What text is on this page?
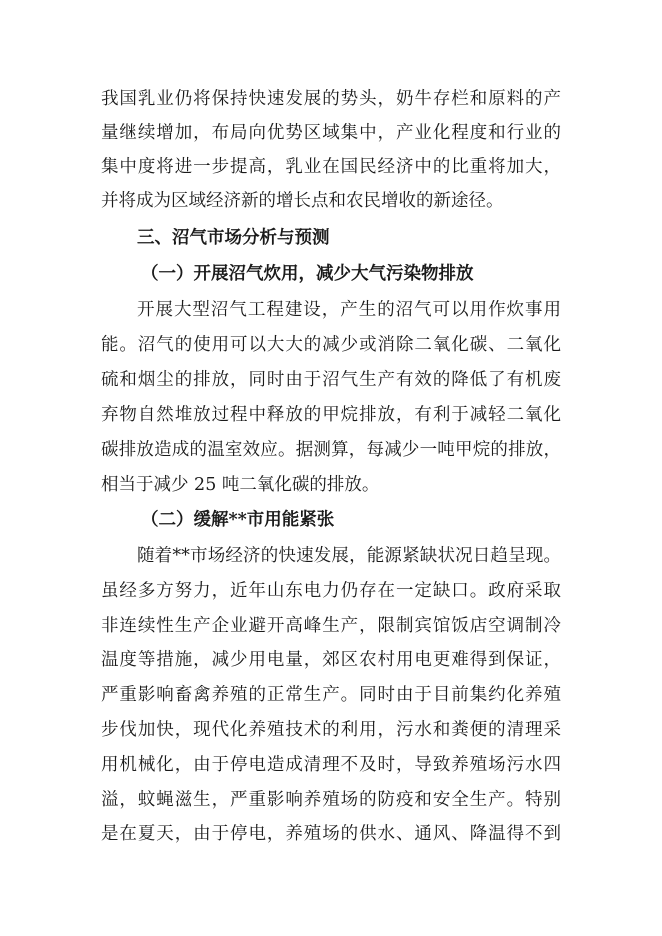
我国乳业仍将保持快速发展的势头，奶牛存栏和原料的产
量继续增加，布局向优势区域集中，产业化程度和行业的
集中度将进一步提高，乳业在国民经济中的比重将加大，
并将成为区域经济新的增长点和农民增收的新途径。
三、沼气市场分析与预测
（一）开展沼气炊用，减少大气污染物排放
开展大型沼气工程建设，产生的沼气可以用作炊事用
能。沼气的使用可以大大的减少或消除二氧化碳、二氧化
硫和烟尘的排放，同时由于沼气生产有效的降低了有机废
弃物自然堆放过程中释放的甲烷排放，有利于减轻二氧化
碳排放造成的温室效应。据测算，每减少一吨甲烷的排放，
相当于减少 25 吨二氧化碳的排放。
（二）缓解**市用能紧张
随着**市场经济的快速发展，能源紧缺状况日趋呈现。
虽经多方努力，近年山东电力仍存在一定缺口。政府采取
非连续性生产企业避开高峰生产，限制宾馆饭店空调制冷
温度等措施，减少用电量，郊区农村用电更难得到保证，
严重影响畜禽养殖的正常生产。同时由于目前集约化养殖
步伐加快，现代化养殖技术的利用，污水和粪便的清理采
用机械化，由于停电造成清理不及时，导致养殖场污水四
溢，蚊蝇滋生，严重影响养殖场的防疫和安全生产。特别
是在夏天，由于停电，养殖场的供水、通风、降温得不到
